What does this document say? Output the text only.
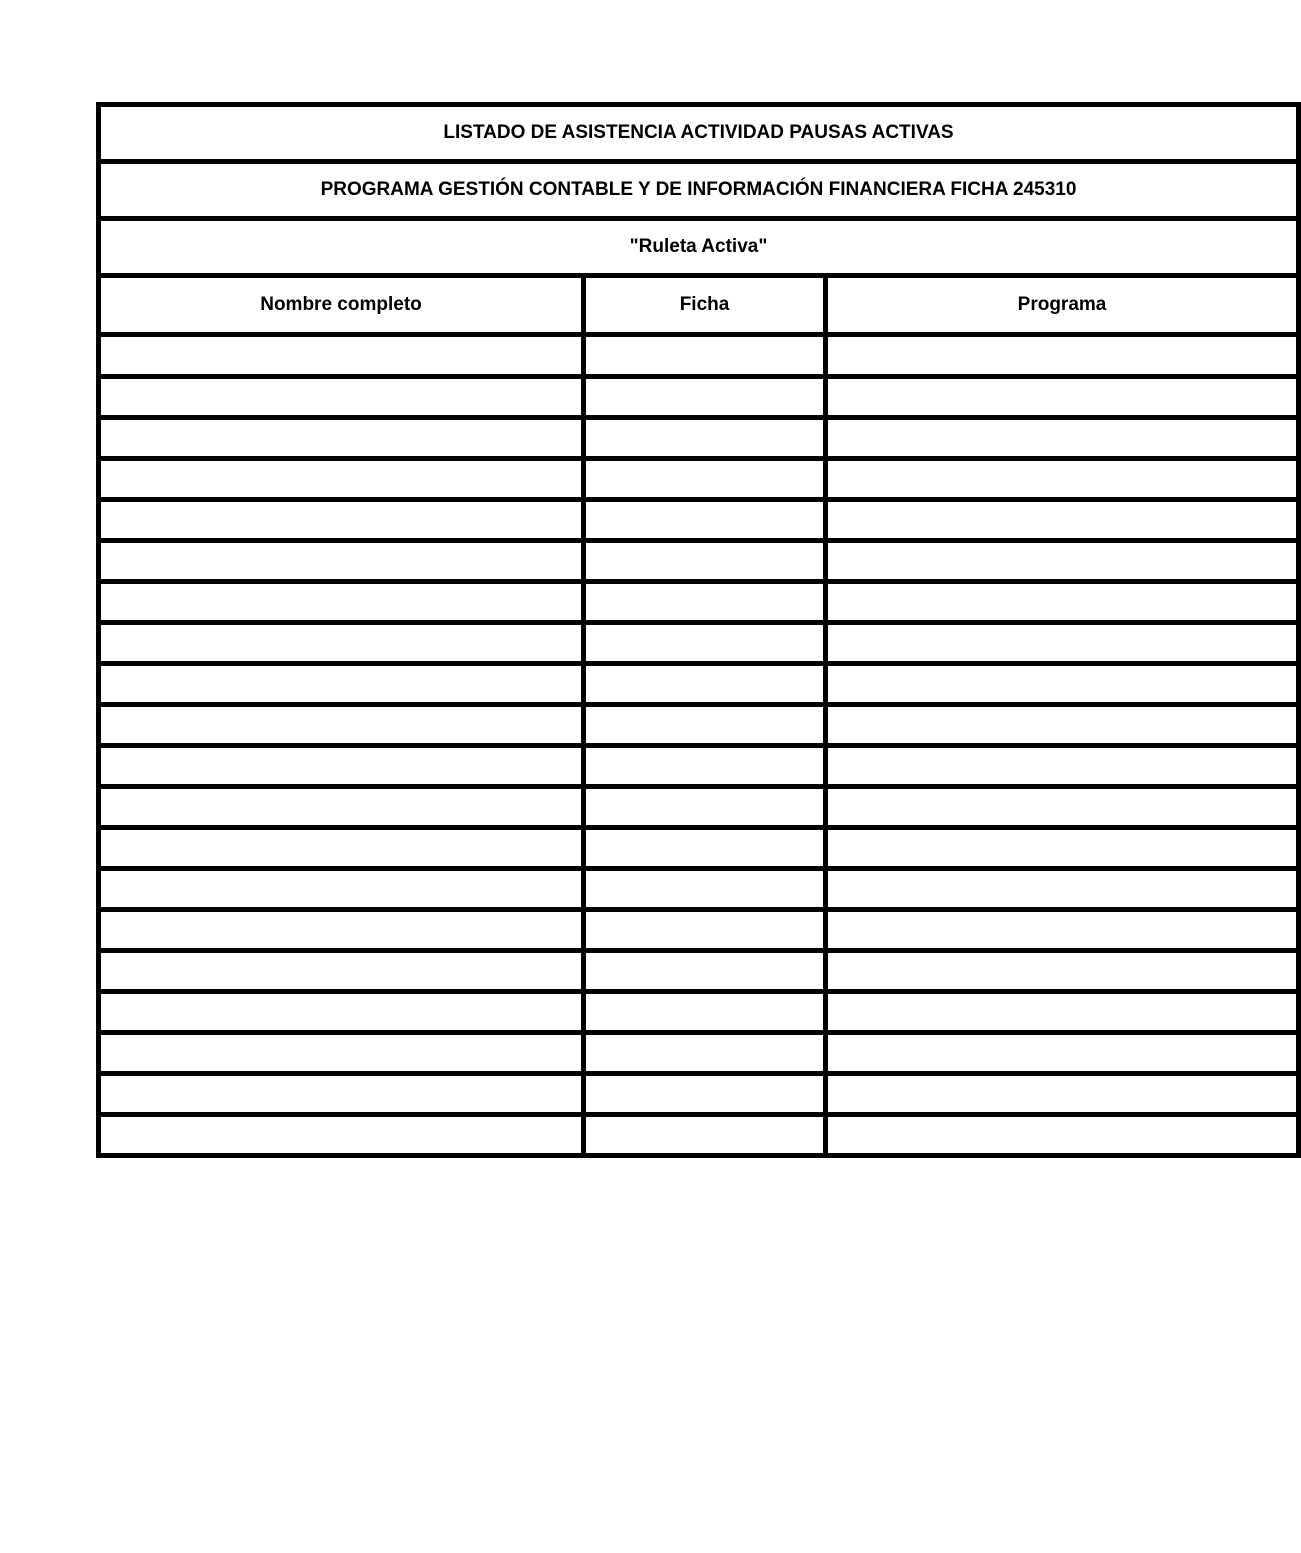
LISTADO DE ASISTENCIA ACTIVIDAD PAUSAS ACTIVAS		
PROGRAMA GESTIÓN CONTABLE Y DE INFORMACIÓN FINANCIERA FICHA 245310		
"Ruleta Activa"		
Nombre completo	Ficha	Programa
